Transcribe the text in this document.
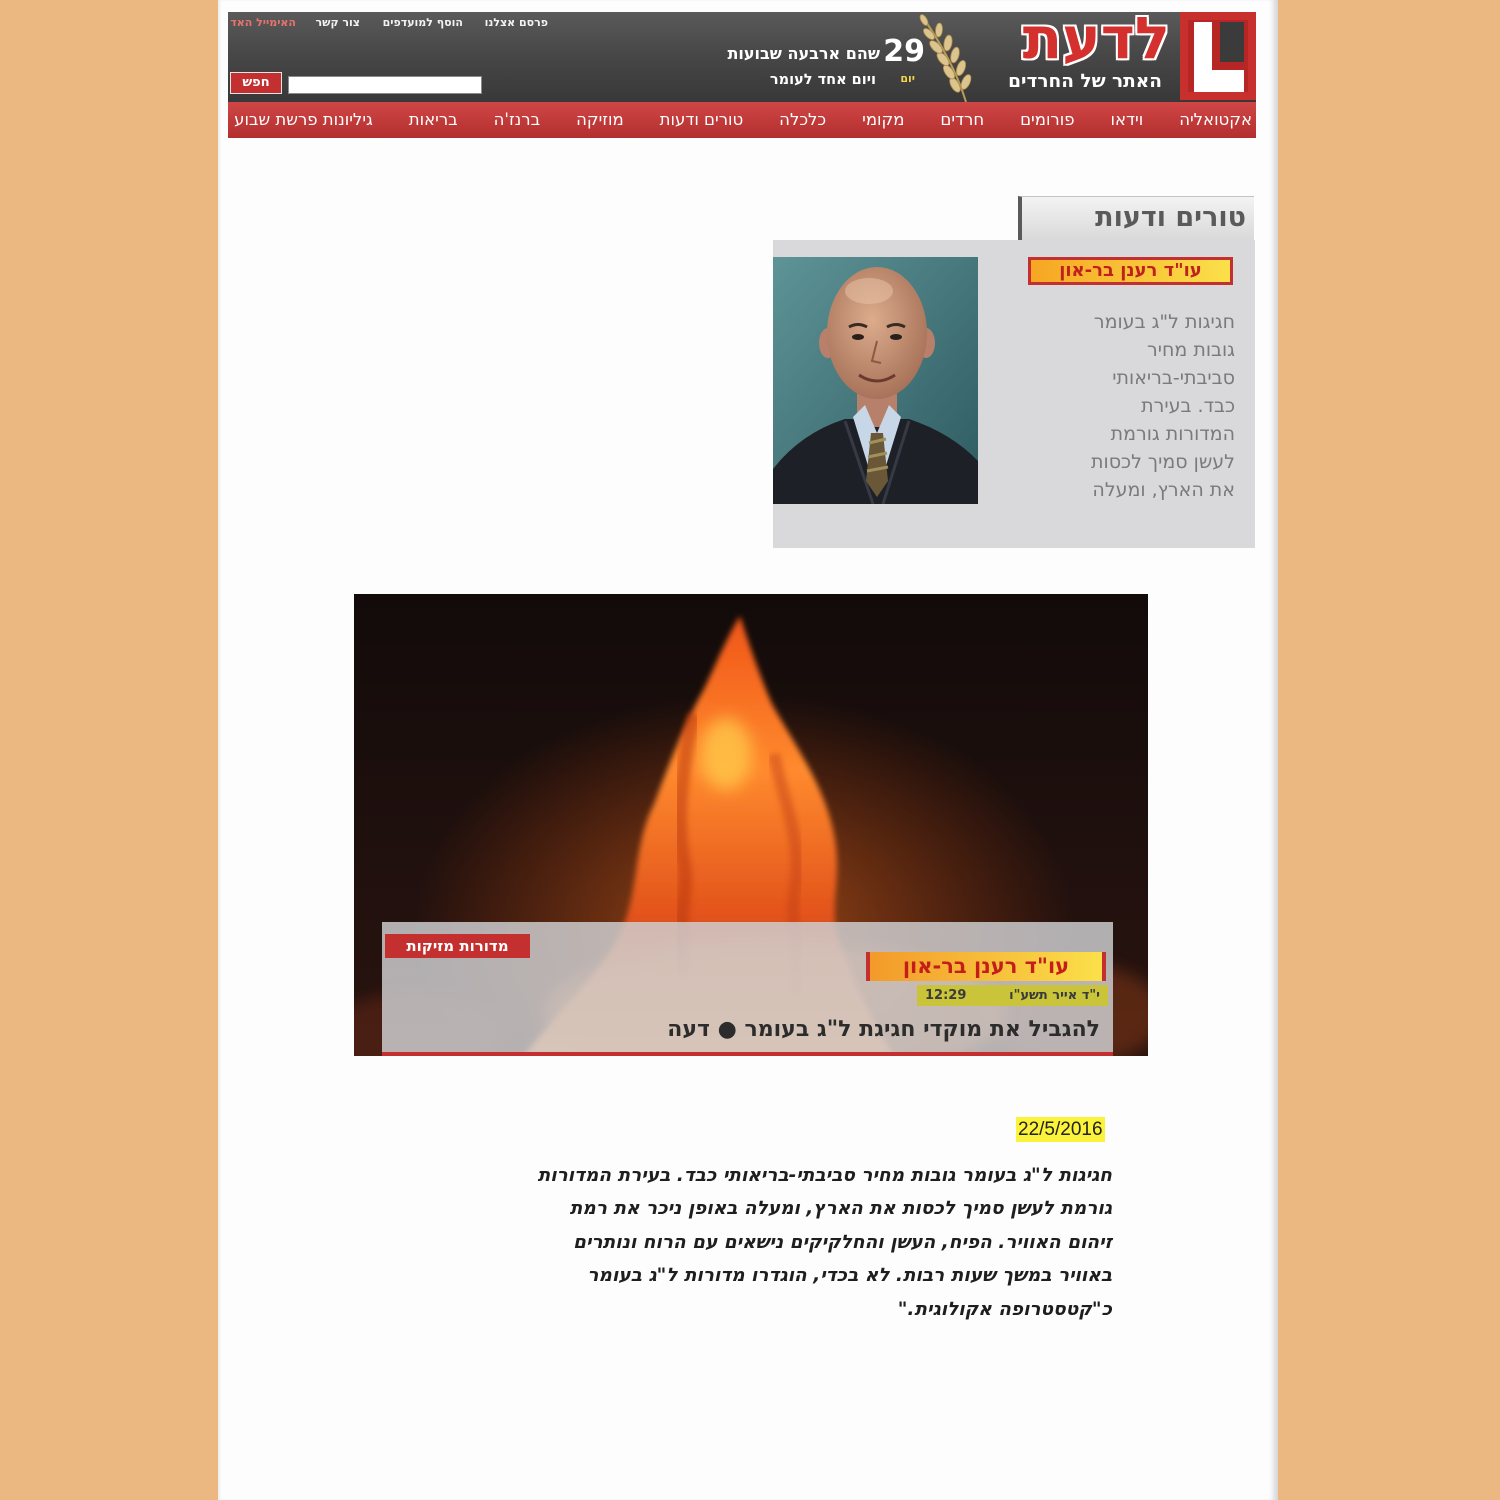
לדעת
האתר של החרדים
29
שהם ארבעה שבועות
יום
ויום אחד לעומר
פרסם אצלנו
הוסף למועדפים
צור קשר
האימייל האד
חפש
אקטואליה
וידאו
פורומים
חרדים
מקומי
כלכלה
טורים ודעות
מוזיקה
ברנז'ה
בריאות
גיליונות פרשת שבוע
טורים ודעות
עו"ד רענן בר-און
חגיגות ל"ג בעומר
גובות מחיר
סביבתי-בריאותי
כבד. בעירת
המדורות גורמת
לעשן סמיך לכסות
את הארץ, ומעלה
מדורות מזיקות
עו"ד רענן בר-און
י"ד אייר תשע"ו
12:29
להגביל את מוקדי חגיגת ל"ג בעומר ● דעה
22/5/2016
חגיגות ל"ג בעומר גובות מחיר סביבתי-בריאותי כבד. בעירת המדורות
גורמת לעשן סמיך לכסות את הארץ, ומעלה באופן ניכר את רמת
זיהום האוויר. הפיח, העשן והחלקיקים נישאים עם הרוח ונותרים
באוויר במשך שעות רבות. לא בכדי, הוגדרו מדורות ל"ג בעומר
כ"קטסטרופה אקולוגית."
